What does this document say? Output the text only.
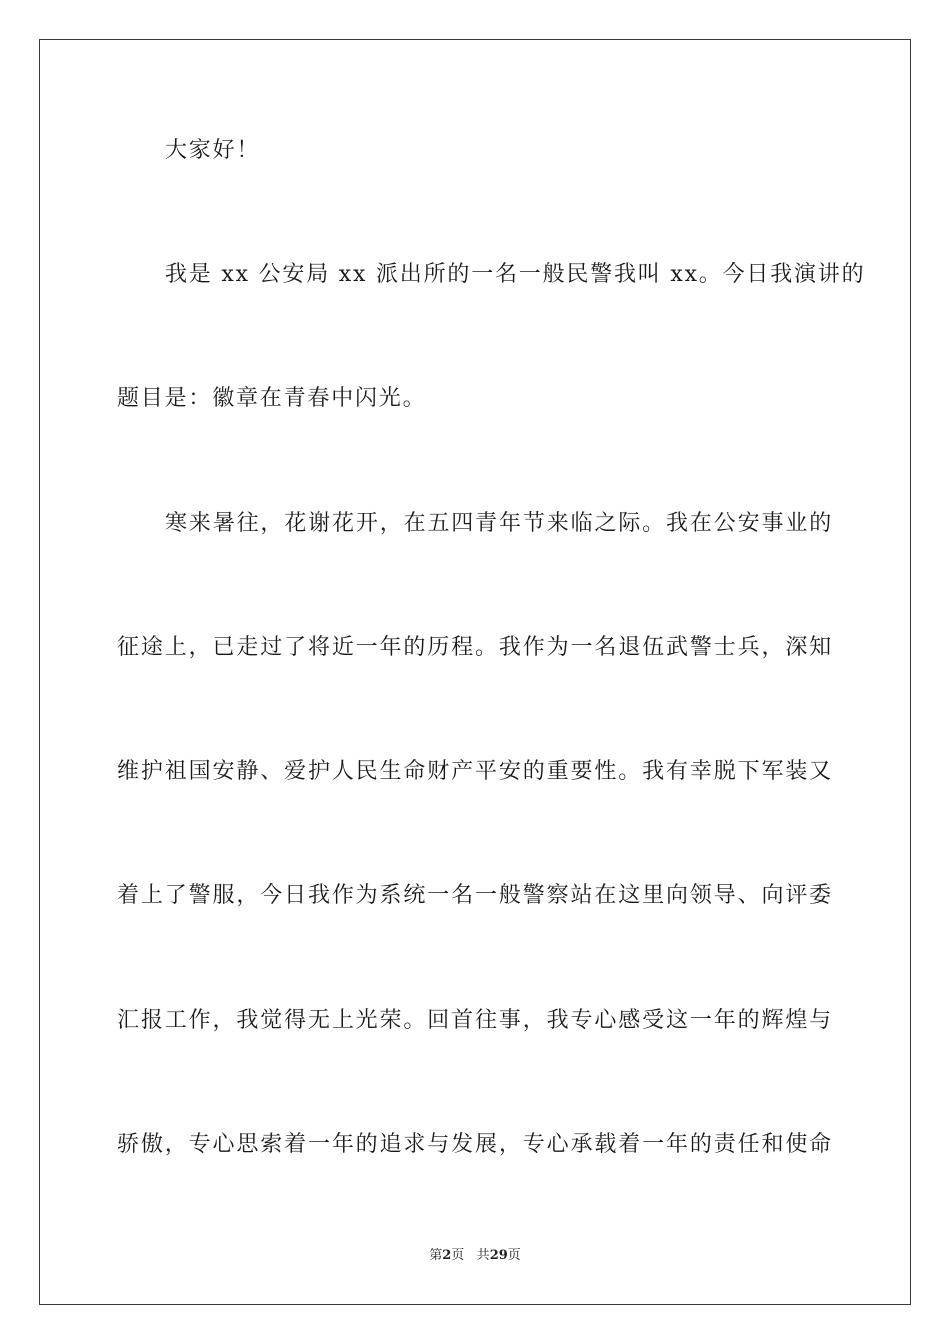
大家好！
我是 xx 公安局 xx 派出所的一名一般民警我叫 xx。今日我演讲的
题目是：徽章在青春中闪光。
寒来暑往，花谢花开，在五四青年节来临之际。我在公安事业的
征途上，已走过了将近一年的历程。我作为一名退伍武警士兵，深知
维护祖国安静、爱护人民生命财产平安的重要性。我有幸脱下军装又
着上了警服，今日我作为系统一名一般警察站在这里向领导、向评委
汇报工作，我觉得无上光荣。回首往事，我专心感受这一年的辉煌与
骄傲，专心思索着一年的追求与发展，专心承载着一年的责任和使命
第2页 共29页
